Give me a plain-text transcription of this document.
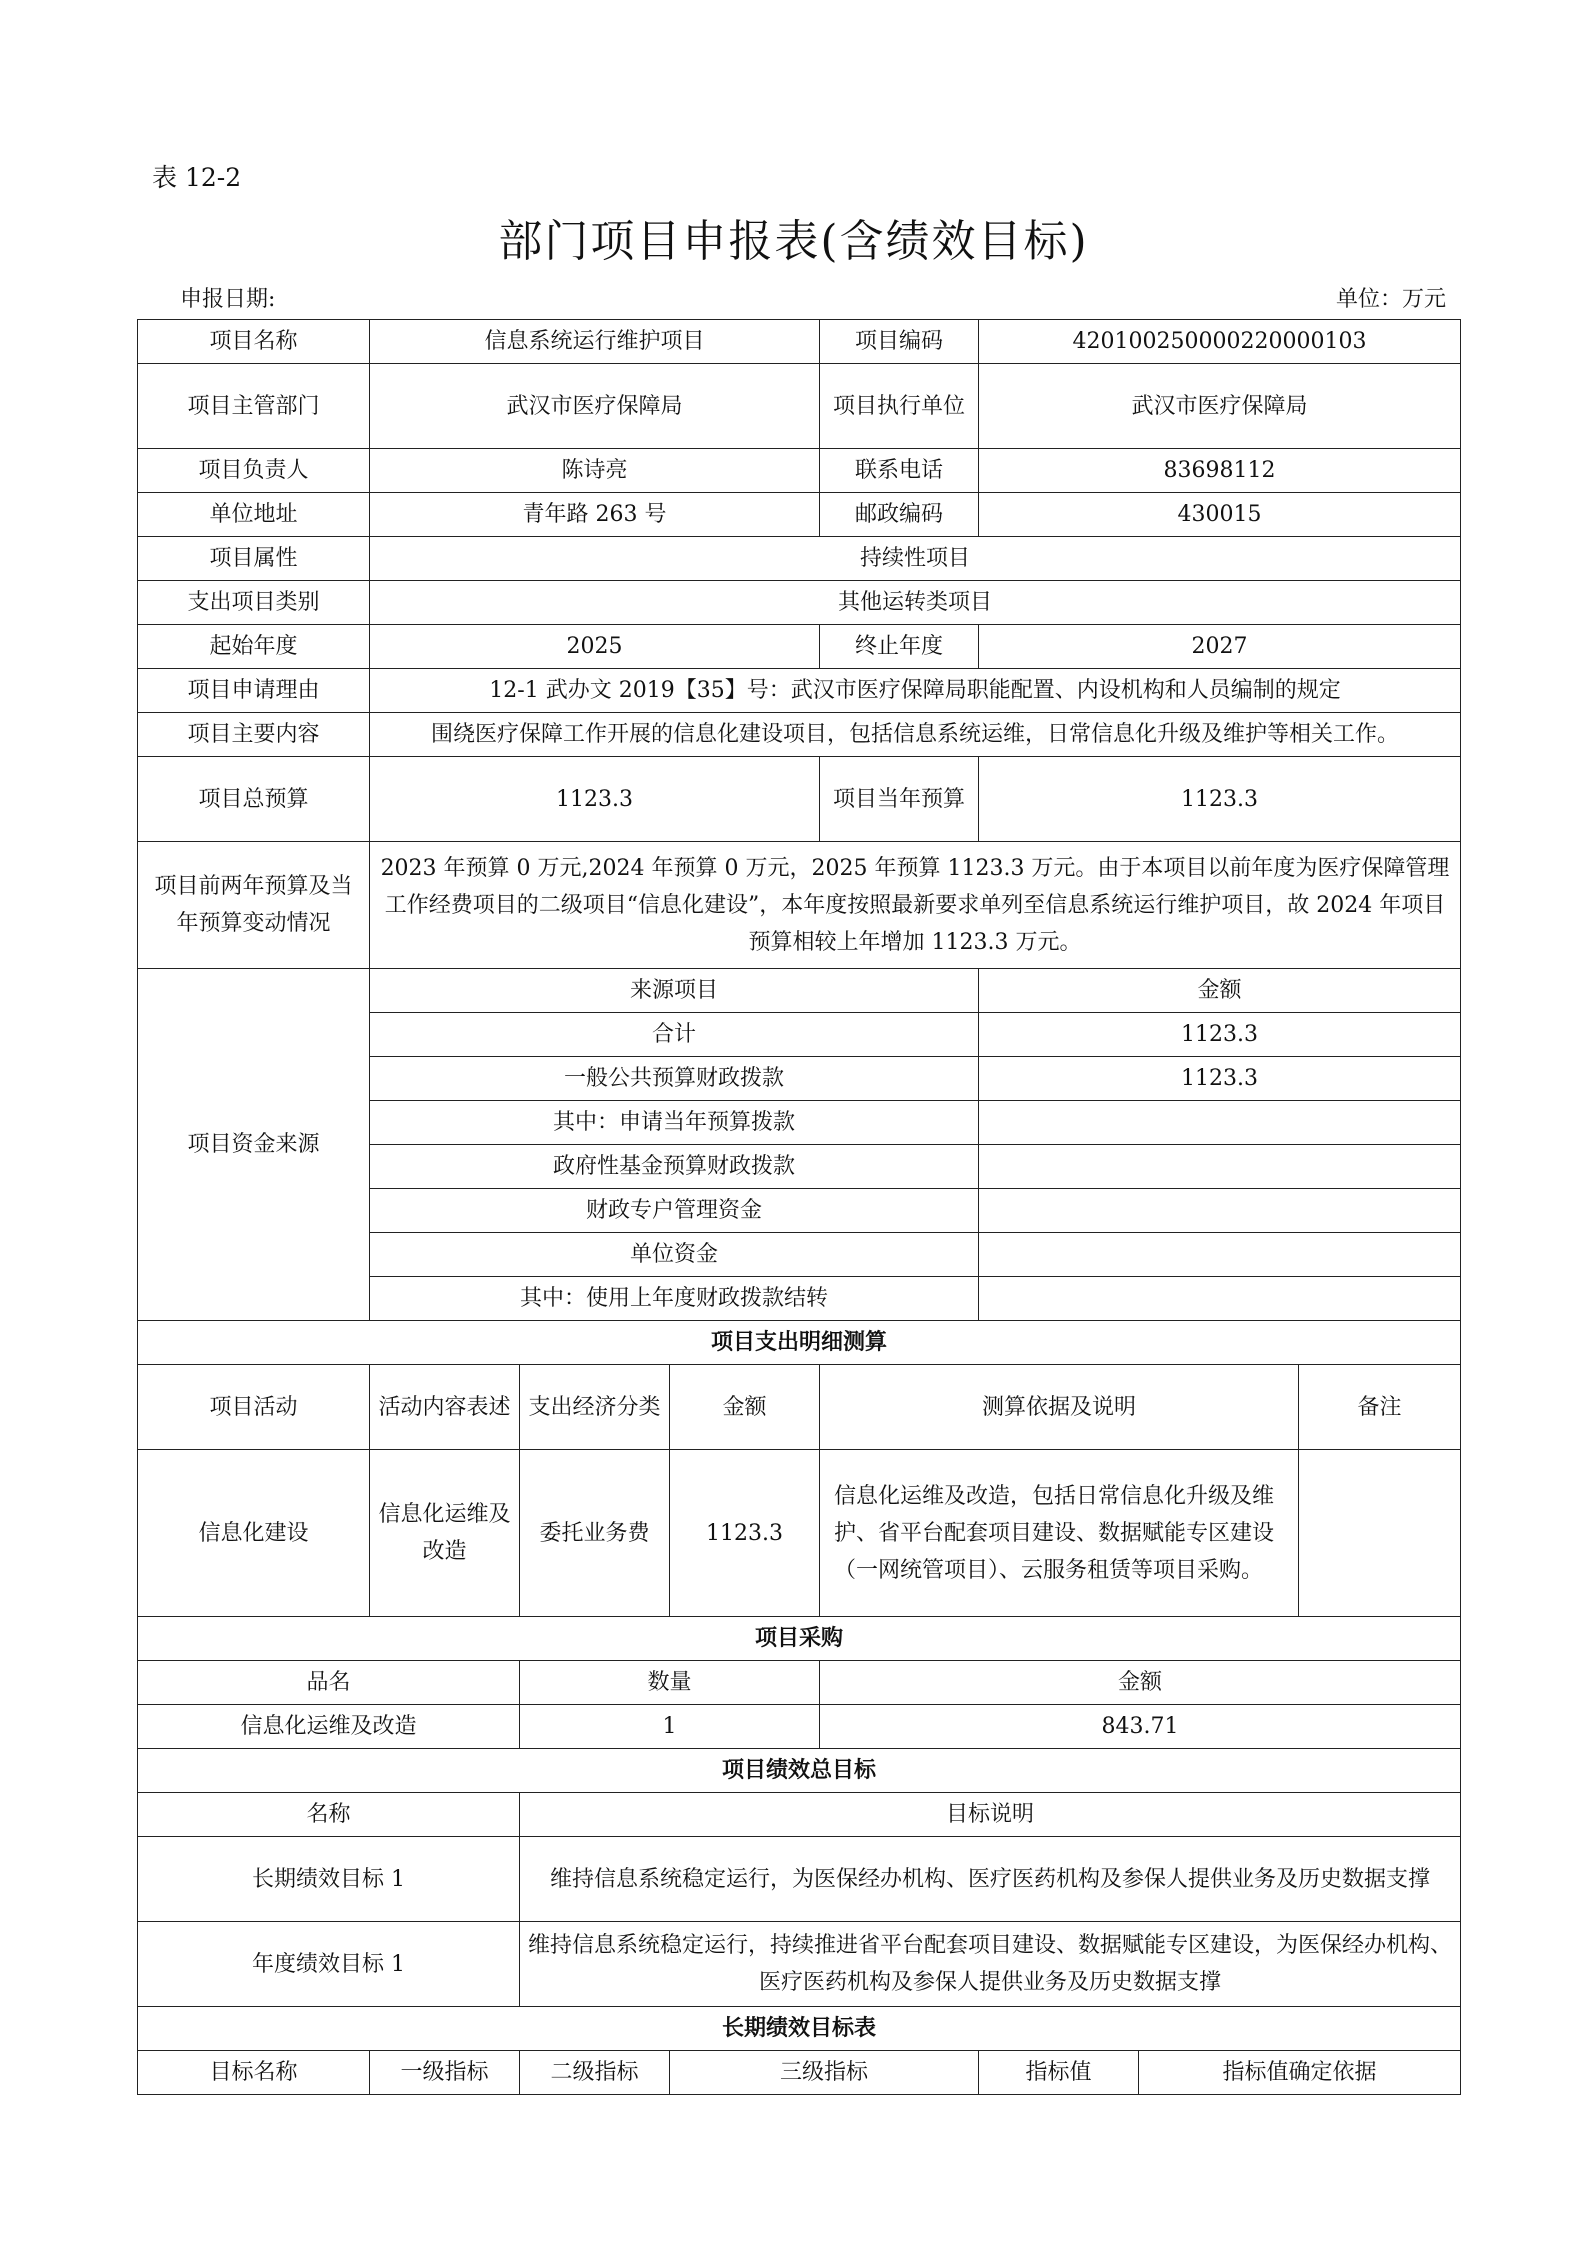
表 12-2
部门项目申报表(含绩效目标)
申报日期:	单位：万元
项目名称	信息系统运行维护项目			项目编码	420100250000220000103		
项目主管部门	武汉市医疗保障局			项目执行单位	武汉市医疗保障局		
项目负责人	陈诗亮			联系电话	83698112		
单位地址	青年路 263 号			邮政编码	430015		
项目属性	持续性项目						
支出项目类别	其他运转类项目						
起始年度	2025			终止年度	2027		
项目申请理由	12-1 武办文 2019【35】号：武汉市医疗保障局职能配置、内设机构和人员编制的规定						
项目主要内容	围绕医疗保障工作开展的信息化建设项目，包括信息系统运维，日常信息化升级及维护等相关工作。						
项目总预算	1123.3			项目当年预算	1123.3		
项目前两年预算及当年预算变动情况	2023 年预算 0 万元,2024 年预算 0 万元，2025 年预算 1123.3 万元。由于本项目以前年度为医疗保障管理工作经费项目的二级项目“信息化建设”，本年度按照最新要求单列至信息系统运行维护项目，故 2024 年项目预算相较上年增加 1123.3 万元。						
项目资金来源	来源项目				金额		
	合计				1123.3		
	一般公共预算财政拨款				1123.3		
	其中：申请当年预算拨款						
	政府性基金预算财政拨款						
	财政专户管理资金						
	单位资金						
	其中：使用上年度财政拨款结转						
项目支出明细测算							
项目活动	活动内容表述	支出经济分类	金额	测算依据及说明			备注
信息化建设	信息化运维及改造	委托业务费	1123.3	信息化运维及改造，包括日常信息化升级及维护、省平台配套项目建设、数据赋能专区建设（一网统管项目）、云服务租赁等项目采购。			
项目采购							
品名		数量		金额			
信息化运维及改造		1		843.71			
项目绩效总目标							
名称		目标说明					
长期绩效目标 1		维持信息系统稳定运行，为医保经办机构、医疗医药机构及参保人提供业务及历史数据支撑					
年度绩效目标 1		维持信息系统稳定运行，持续推进省平台配套项目建设、数据赋能专区建设，为医保经办机构、医疗医药机构及参保人提供业务及历史数据支撑					
长期绩效目标表							
目标名称	一级指标	二级指标	三级指标		指标值	指标值确定依据	
